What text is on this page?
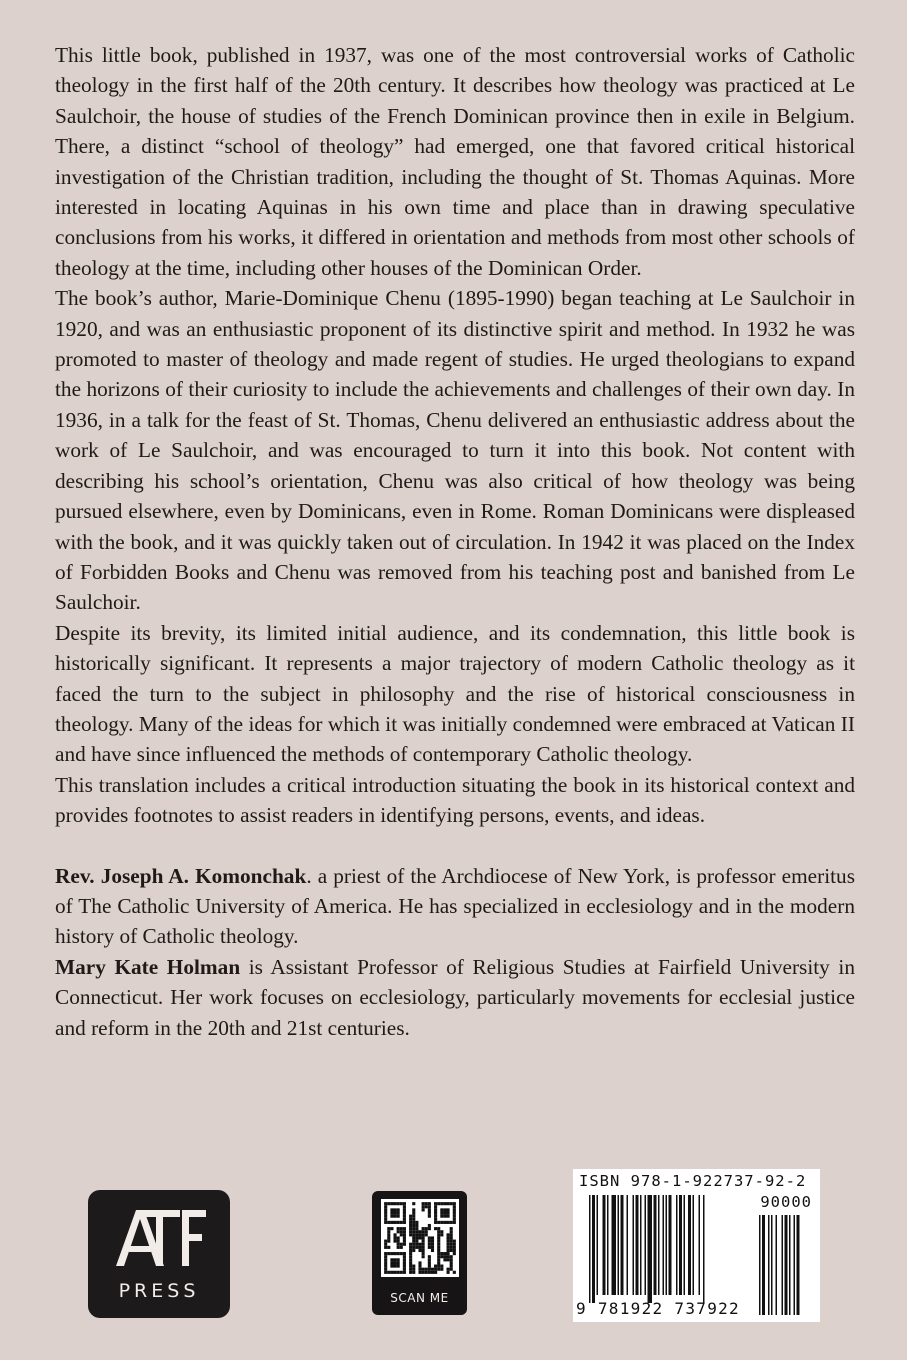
This little book, published in 1937, was one of the most controversial works of Catholic theology in the first half of the 20th century. It describes how theology was practiced at Le Saulchoir, the house of studies of the French Dominican province then in exile in Belgium. There, a distinct “school of theology” had emerged, one that favored critical historical investigation of the Christian tradition, including the thought of St. Thomas Aquinas. More interested in locating Aquinas in his own time and place than in drawing speculative conclusions from his works, it differed in orientation and methods from most other schools of theology at the time, including other houses of the Dominican Order.

The book’s author, Marie-Dominique Chenu (1895-1990) began teaching at Le Saulchoir in 1920, and was an enthusiastic proponent of its distinctive spirit and method. In 1932 he was promoted to master of theology and made regent of studies. He urged theologians to expand the horizons of their curiosity to include the achievements and challenges of their own day. In 1936, in a talk for the feast of St. Thomas, Chenu delivered an enthusiastic address about the work of Le Saulchoir, and was encouraged to turn it into this book. Not content with describing his school’s orientation, Chenu was also critical of how theology was being pursued elsewhere, even by Dominicans, even in Rome. Roman Dominicans were displeased with the book, and it was quickly taken out of circulation. In 1942 it was placed on the Index of Forbidden Books and Chenu was removed from his teaching post and banished from Le Saulchoir.

Despite its brevity, its limited initial audience, and its condemnation, this little book is historically significant. It represents a major trajectory of modern Catholic theology as it faced the turn to the subject in philosophy and the rise of historical consciousness in theology. Many of the ideas for which it was initially condemned were embraced at Vatican II and have since influenced the methods of contemporary Catholic theology.

This translation includes a critical introduction situating the book in its historical context and provides footnotes to assist readers in identifying persons, events, and ideas.

Rev. Joseph A. Komonchak. a priest of the Archdiocese of New York, is professor emeritus of The Catholic University of America. He has specialized in ecclesiology and in the modern history of Catholic theology.

Mary Kate Holman is Assistant Professor of Religious Studies at Fairfield University in Connecticut. Her work focuses on ecclesiology, particularly movements for ecclesial justice and reform in the 20th and 21st centuries.

PRESS	SCAN ME
ISBN 978-1-922737-92-2
90000
9 781922 737922
